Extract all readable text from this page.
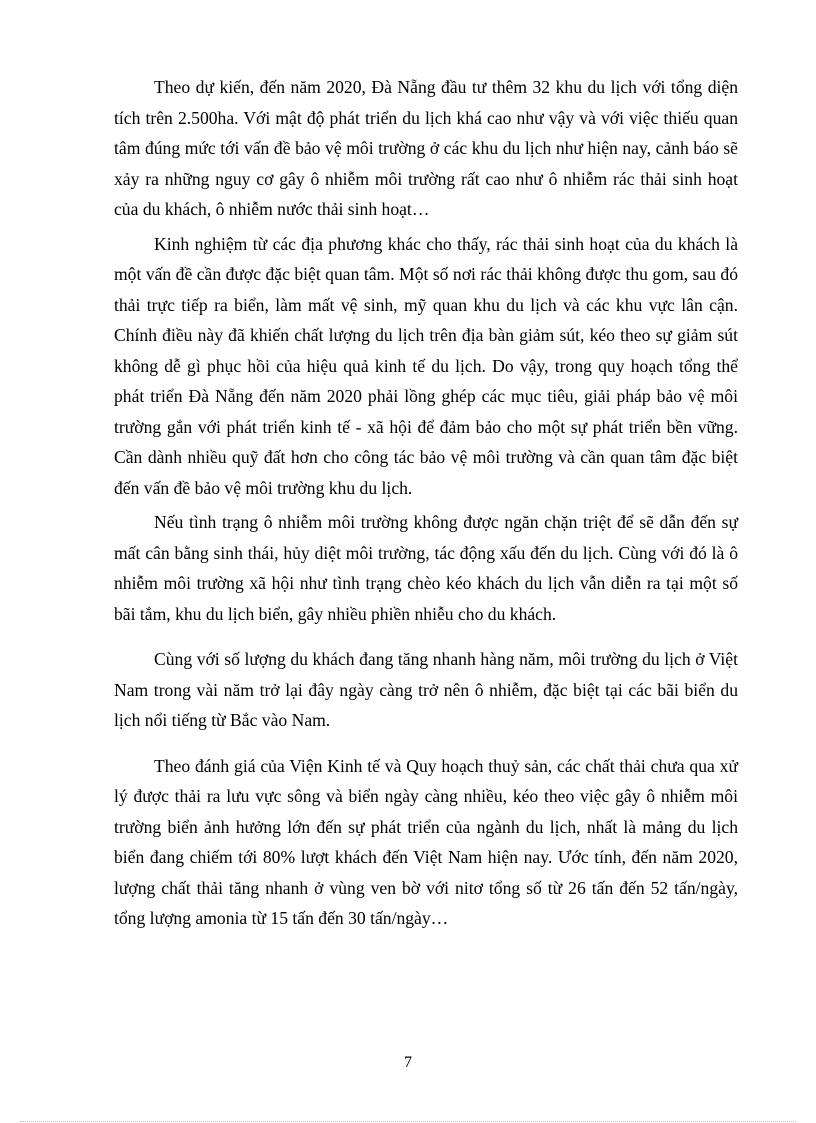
Theo dự kiến, đến năm 2020, Đà Nẵng đầu tư thêm 32 khu du lịch với tổng diện tích trên 2.500ha. Với mật độ phát triển du lịch khá cao như vậy và với việc thiếu quan tâm đúng mức tới vấn đề bảo vệ môi trường ở các khu du lịch như hiện nay, cảnh báo sẽ xảy ra những nguy cơ gây ô nhiễm môi trường rất cao như ô nhiễm rác thải sinh hoạt của du khách, ô nhiễm nước thải sinh hoạt…

Kinh nghiệm từ các địa phương khác cho thấy, rác thải sinh hoạt của du khách là một vấn đề cần được đặc biệt quan tâm. Một số nơi rác thải không được thu gom, sau đó thải trực tiếp ra biển, làm mất vệ sinh, mỹ quan khu du lịch và các khu vực lân cận. Chính điều này đã khiến chất lượng du lịch trên địa bàn giảm sút, kéo theo sự giảm sút không dễ gì phục hồi của hiệu quả kinh tế du lịch. Do vậy, trong quy hoạch tổng thể phát triển Đà Nẵng đến năm 2020 phải lồng ghép các mục tiêu, giải pháp bảo vệ môi trường gắn với phát triển kinh tế - xã hội để đảm bảo cho một sự phát triển bền vững. Cần dành nhiều quỹ đất hơn cho công tác bảo vệ môi trường và cần quan tâm đặc biệt đến vấn đề bảo vệ môi trường khu du lịch.

Nếu tình trạng ô nhiễm môi trường không được ngăn chặn triệt để sẽ dẫn đến sự mất cân bằng sinh thái, hủy diệt môi trường, tác động xấu đến du lịch. Cùng với đó là ô nhiễm môi trường xã hội như tình trạng chèo kéo khách du lịch vẫn diễn ra tại một số bãi tắm, khu du lịch biển, gây nhiều phiền nhiễu cho du khách.

Cùng với số lượng du khách đang tăng nhanh hàng năm, môi trường du lịch ở Việt Nam trong vài năm trở lại đây ngày càng trở nên ô nhiễm, đặc biệt tại các bãi biển du lịch nổi tiếng từ Bắc vào Nam.

Theo đánh giá của Viện Kinh tế và Quy hoạch thuỷ sản, các chất thải chưa qua xử lý được thải ra lưu vực sông và biển ngày càng nhiều, kéo theo việc gây ô nhiễm môi trường biển ảnh hưởng lớn đến sự phát triển của ngành du lịch, nhất là mảng du lịch biển đang chiếm tới 80% lượt khách đến Việt Nam hiện nay. Ước tính, đến năm 2020, lượng chất thải tăng nhanh ở vùng ven bờ với nitơ tổng số từ 26 tấn đến 52 tấn/ngày, tổng lượng amonia từ 15 tấn đến 30 tấn/ngày…

7
